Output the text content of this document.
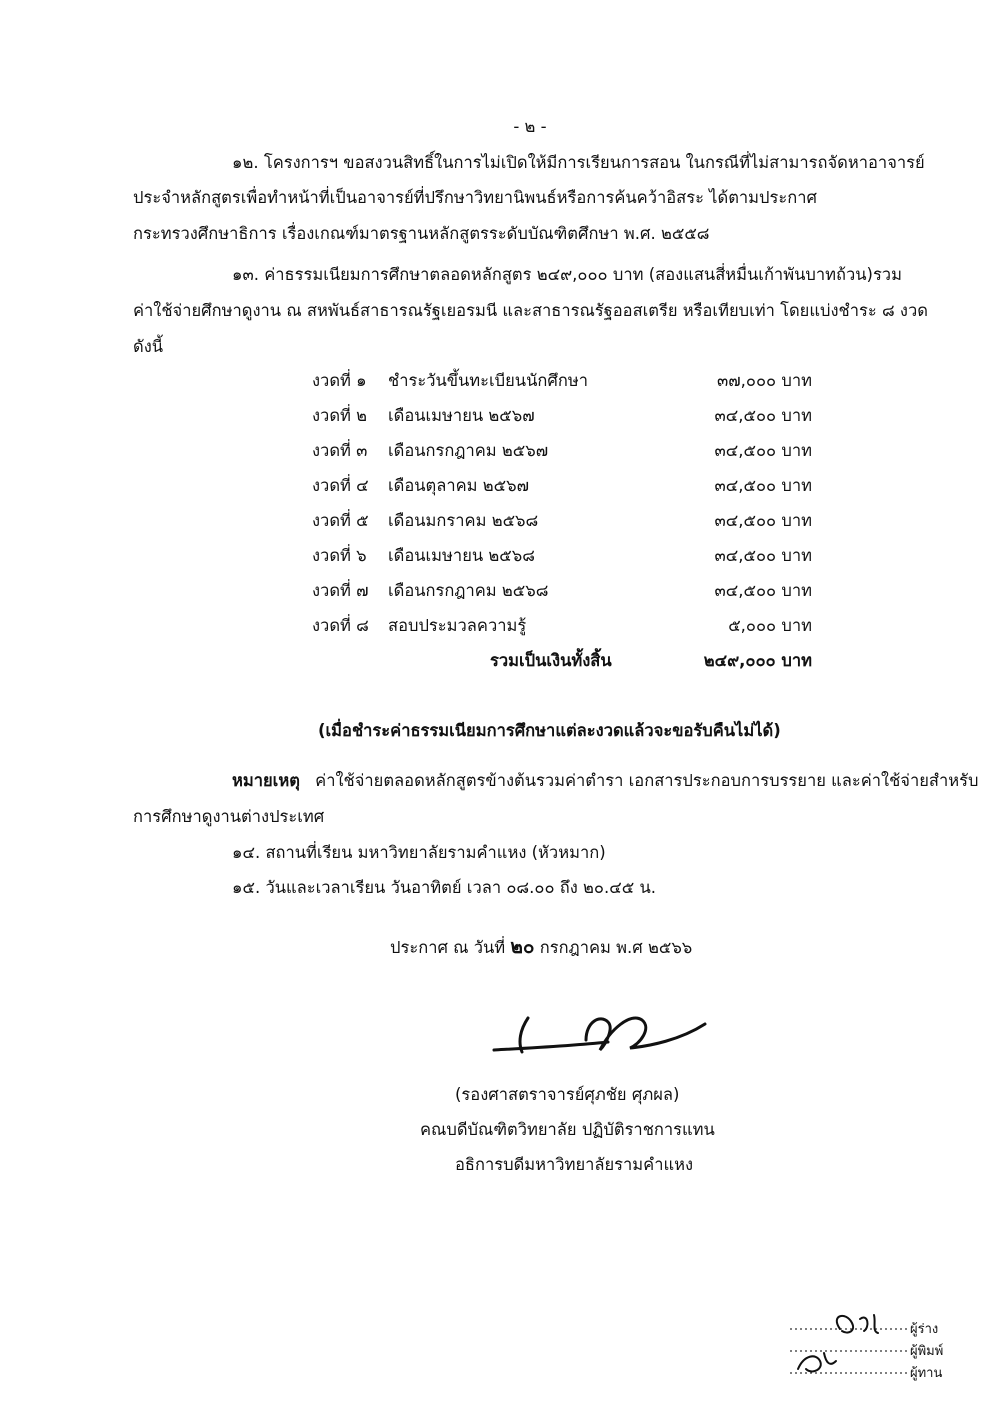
- ๒ -
๑๒. โครงการฯ ขอสงวนสิทธิ์ในการไม่เปิดให้มีการเรียนการสอน ในกรณีที่ไม่สามารถจัดหาอาจารย์
ประจำหลักสูตรเพื่อทำหน้าที่เป็นอาจารย์ที่ปรึกษาวิทยานิพนธ์หรือการค้นคว้าอิสระ ได้ตามประกาศ
กระทรวงศึกษาธิการ เรื่องเกณฑ์มาตรฐานหลักสูตรระดับบัณฑิตศึกษา พ.ศ. ๒๕๕๘
๑๓. ค่าธรรมเนียมการศึกษาตลอดหลักสูตร ๒๔๙,๐๐๐ บาท (สองแสนสี่หมื่นเก้าพันบาทถ้วน)รวม
ค่าใช้จ่ายศึกษาดูงาน ณ สหพันธ์สาธารณรัฐเยอรมนี และสาธารณรัฐออสเตรีย หรือเทียบเท่า โดยแบ่งชำระ ๘ งวด
ดังนี้
งวดที่ ๑ ชำระวันขึ้นทะเบียนนักศึกษา	๓๗,๐๐๐ บาท
งวดที่ ๒ เดือนเมษายน ๒๕๖๗	๓๔,๕๐๐ บาท
งวดที่ ๓ เดือนกรกฎาคม ๒๕๖๗	๓๔,๕๐๐ บาท
งวดที่ ๔ เดือนตุลาคม ๒๕๖๗	๓๔,๕๐๐ บาท
งวดที่ ๕ เดือนมกราคม ๒๕๖๘	๓๔,๕๐๐ บาท
งวดที่ ๖ เดือนเมษายน ๒๕๖๘	๓๔,๕๐๐ บาท
งวดที่ ๗ เดือนกรกฎาคม ๒๕๖๘	๓๔,๕๐๐ บาท
งวดที่ ๘ สอบประมวลความรู้	๕,๐๐๐ บาท
รวมเป็นเงินทั้งสิ้น	๒๔๙,๐๐๐ บาท
(เมื่อชำระค่าธรรมเนียมการศึกษาแต่ละงวดแล้วจะขอรับคืนไม่ได้)
หมายเหตุ ค่าใช้จ่ายตลอดหลักสูตรข้างต้นรวมค่าตำรา เอกสารประกอบการบรรยาย และค่าใช้จ่ายสำหรับ
การศึกษาดูงานต่างประเทศ
๑๔. สถานที่เรียน มหาวิทยาลัยรามคำแหง (หัวหมาก)
๑๕. วันและเวลาเรียน วันอาทิตย์ เวลา ๐๘.๐๐ ถึง ๒๐.๔๕ น.
ประกาศ ณ วันที่ ๒๐ กรกฎาคม พ.ศ ๒๕๖๖
(รองศาสตราจารย์ศุภชัย ศุภผล)
คณบดีบัณฑิตวิทยาลัย ปฏิบัติราชการแทน
อธิการบดีมหาวิทยาลัยรามคำแหง
ผู้ร่าง
ผู้พิมพ์
ผู้ทาน
